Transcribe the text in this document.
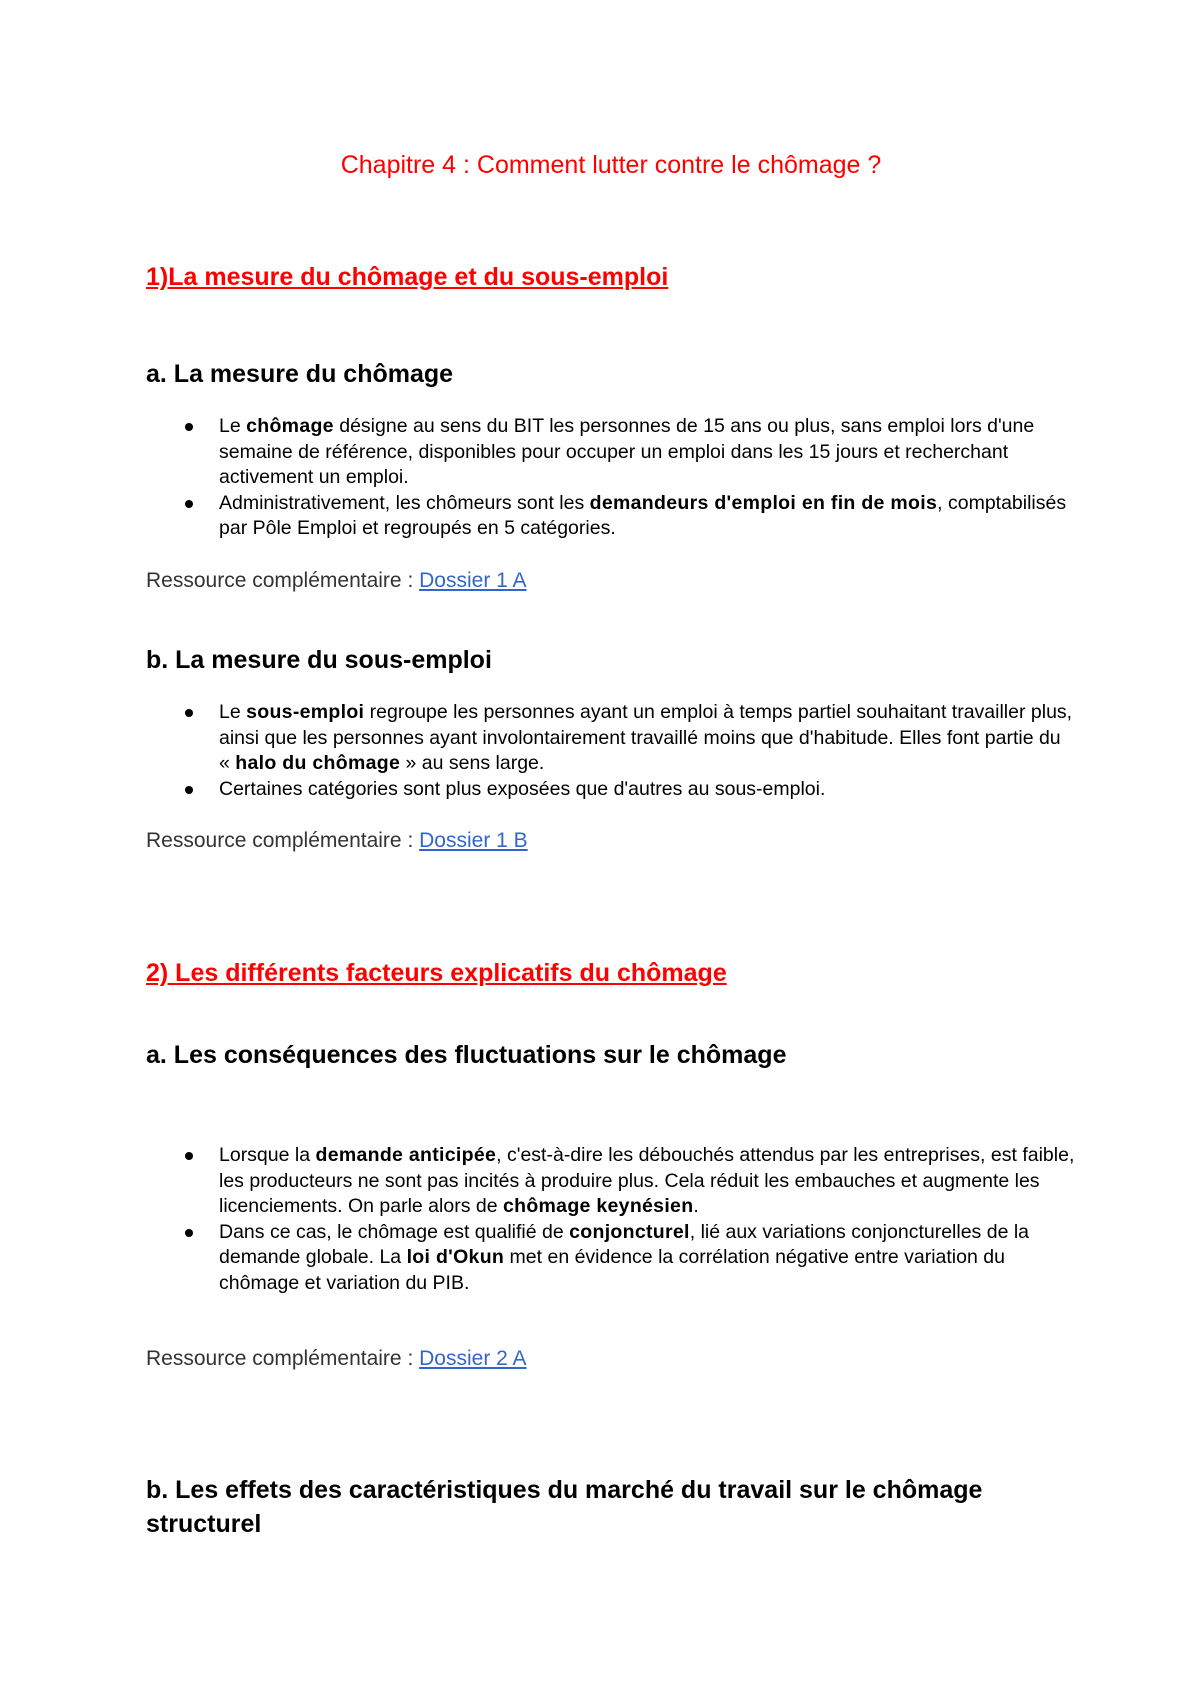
Chapitre 4 : Comment lutter contre le chômage ?
1)La mesure du chômage et du sous-emploi
a. La mesure du chômage
Le chômage désigne au sens du BIT les personnes de 15 ans ou plus, sans emploi lors d'une semaine de référence, disponibles pour occuper un emploi dans les 15 jours et recherchant activement un emploi.
Administrativement, les chômeurs sont les demandeurs d'emploi en fin de mois, comptabilisés par Pôle Emploi et regroupés en 5 catégories.

Ressource complémentaire : Dossier 1 A

b. La mesure du sous-emploi
Le sous-emploi regroupe les personnes ayant un emploi à temps partiel souhaitant travailler plus, ainsi que les personnes ayant involontairement travaillé moins que d'habitude. Elles font partie du « halo du chômage » au sens large.
Certaines catégories sont plus exposées que d'autres au sous-emploi.

Ressource complémentaire : Dossier 1 B

2) Les différents facteurs explicatifs du chômage
a. Les conséquences des fluctuations sur le chômage
Lorsque la demande anticipée, c'est-à-dire les débouchés attendus par les entreprises, est faible, les producteurs ne sont pas incités à produire plus. Cela réduit les embauches et augmente les licenciements. On parle alors de chômage keynésien.
Dans ce cas, le chômage est qualifié de conjoncturel, lié aux variations conjoncturelles de la demande globale. La loi d'Okun met en évidence la corrélation négative entre variation du chômage et variation du PIB.

Ressource complémentaire : Dossier 2 A

b. Les effets des caractéristiques du marché du travail sur le chômage structurel
